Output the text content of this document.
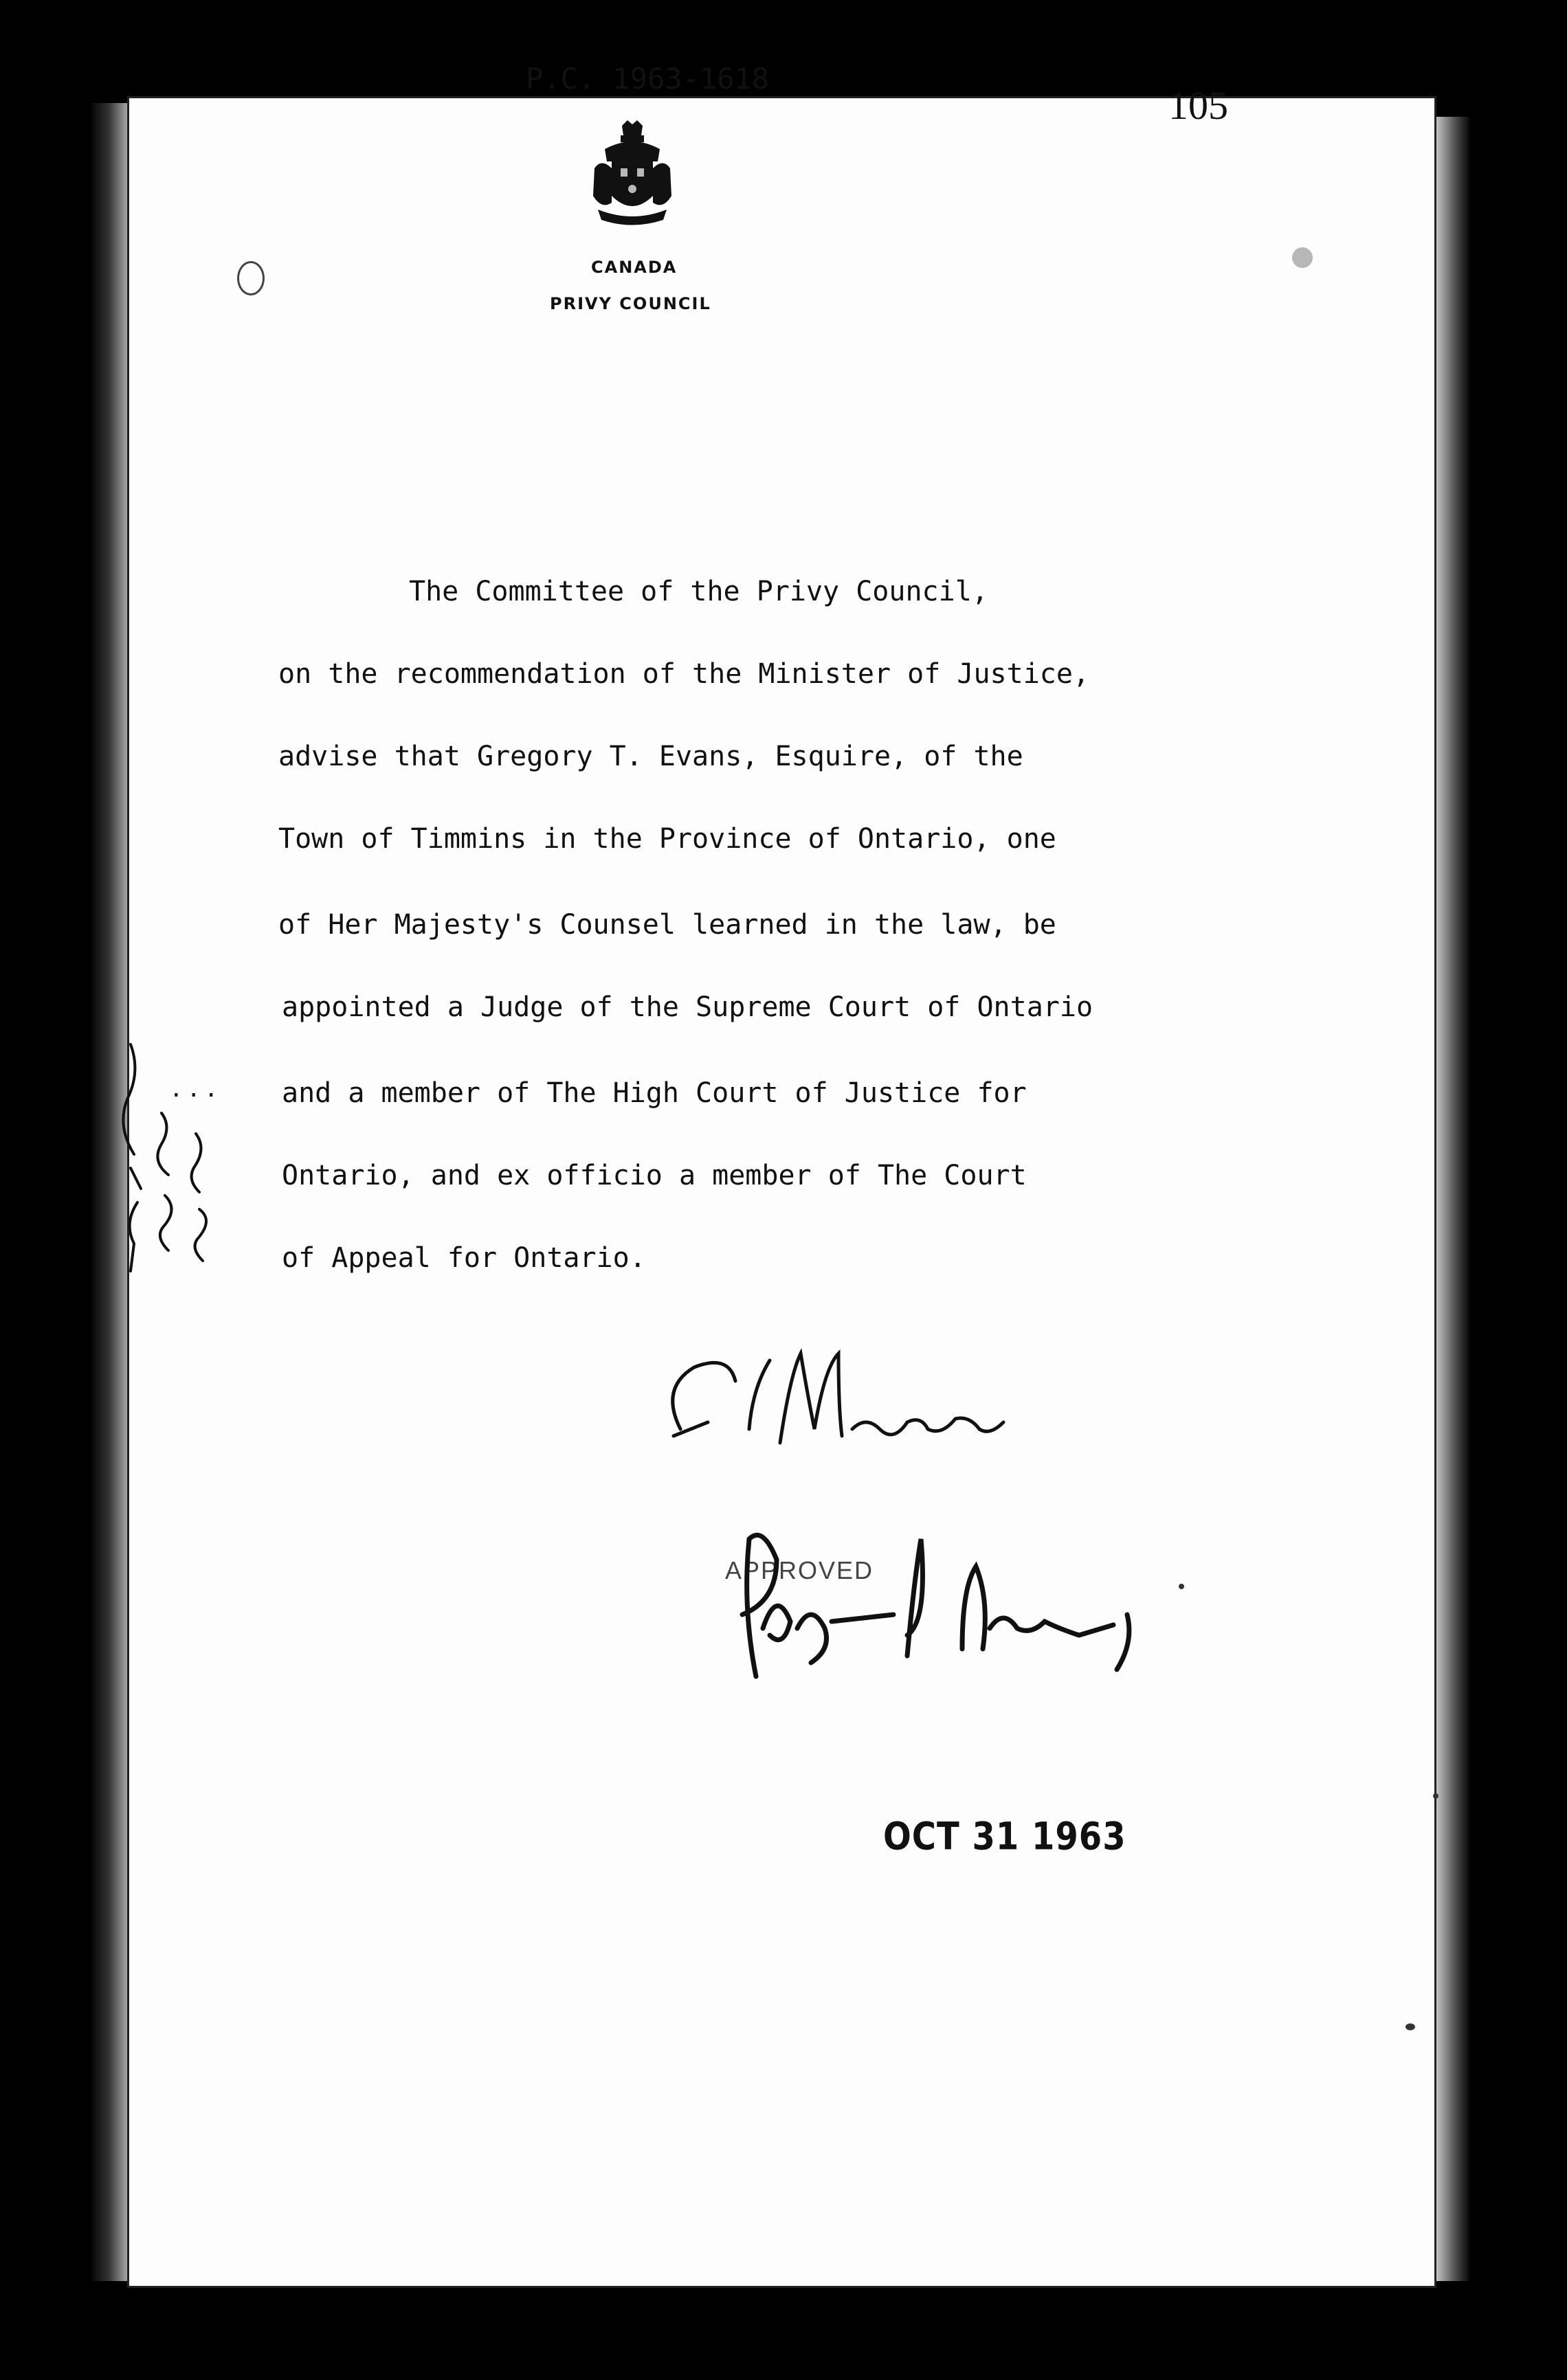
P.C. 1963-1618
105
CANADA
PRIVY COUNCIL
The Committee of the Privy Council,
on the recommendation of the Minister of Justice,
advise that Gregory T. Evans, Esquire, of the
Town of Timmins in the Province of Ontario, one
of Her Majesty's Counsel learned in the law, be
appointed a Judge of the Supreme Court of Ontario
and a member of The High Court of Justice for
Ontario, and ex officio a member of The Court
of Appeal for Ontario.
APPROVED
OCT 31 1963
. . .
